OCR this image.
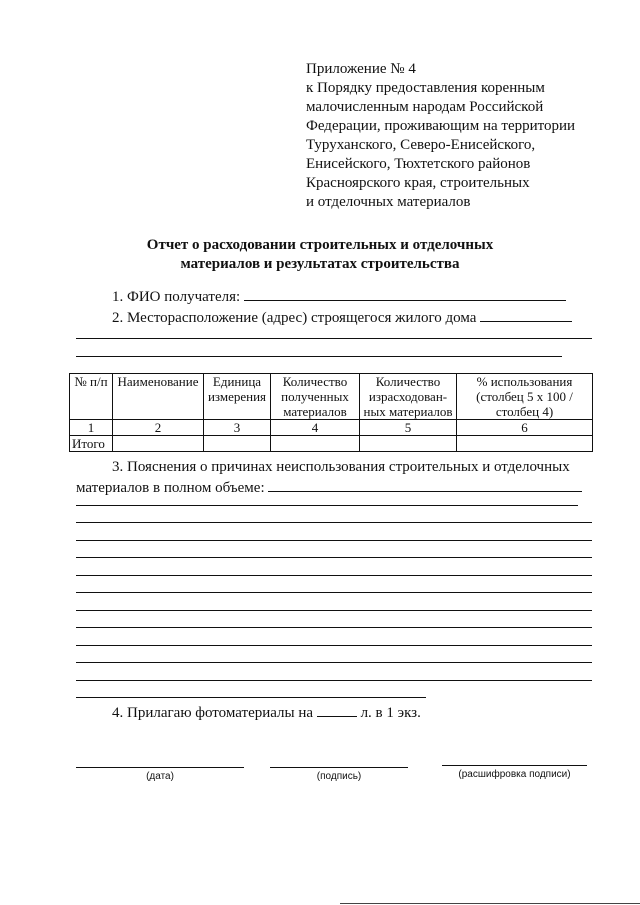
Приложение № 4
к Порядку предоставления коренным
малочисленным народам Российской
Федерации, проживающим на территории
Туруханского, Северо-Енисейского,
Енисейского, Тюхтетского районов
Красноярского края, строительных
и отделочных материалов
Отчет о расходовании строительных и отделочных
материалов и результатах строительства
1. ФИО получателя:
2. Месторасположение (адрес) строящегося жилого дома
№ п/п	Наименование	Единица измерения	Количество полученных материалов	Количество израсходован-ных материалов	% использования (столбец 5 х 100 / столбец 4)
1	2	3	4	5	6
Итого					
3. Пояснения о причинах неиспользования строительных и отделочных
материалов в полном объеме:
4. Прилагаю фотоматериалы на	л. в 1 экз.
(дата)	(подпись)	(расшифровка подписи)
